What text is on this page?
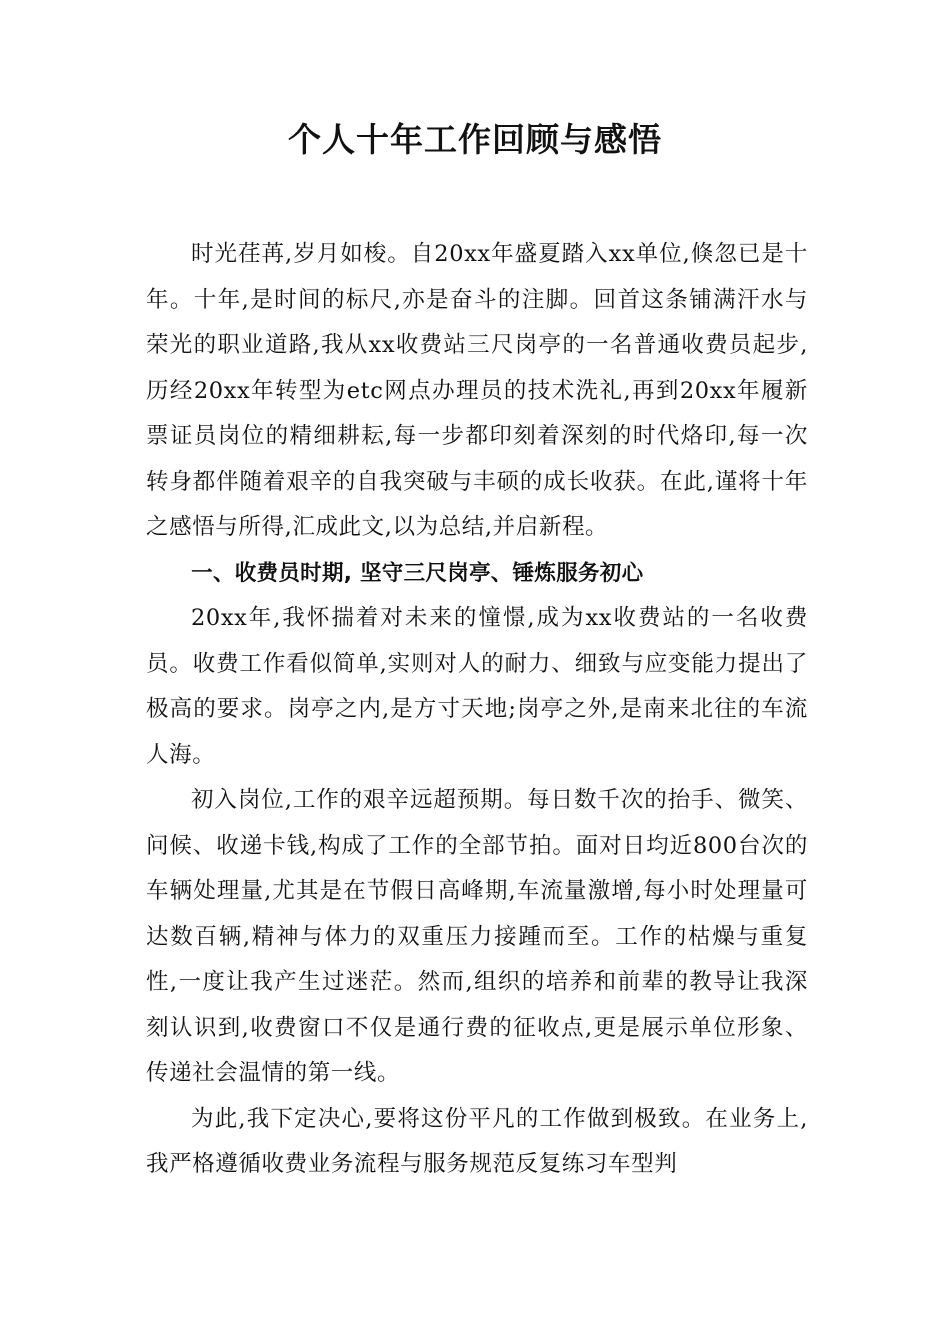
个人十年工作回顾与感悟

时光荏苒,岁月如梭。自20xx年盛夏踏入xx单位,倏忽已是十年。十年,是时间的标尺,亦是奋斗的注脚。回首这条铺满汗水与荣光的职业道路,我从xx收费站三尺岗亭的一名普通收费员起步,历经20xx年转型为etc网点办理员的技术洗礼,再到20xx年履新票证员岗位的精细耕耘,每一步都印刻着深刻的时代烙印,每一次转身都伴随着艰辛的自我突破与丰硕的成长收获。在此,谨将十年之感悟与所得,汇成此文,以为总结,并启新程。

一、收费员时期, 坚守三尺岗亭、锤炼服务初心

20xx年,我怀揣着对未来的憧憬,成为xx收费站的一名收费员。收费工作看似简单,实则对人的耐力、细致与应变能力提出了极高的要求。岗亭之内,是方寸天地;岗亭之外,是南来北往的车流人海。

初入岗位,工作的艰辛远超预期。每日数千次的抬手、微笑、问候、收递卡钱,构成了工作的全部节拍。面对日均近800台次的车辆处理量,尤其是在节假日高峰期,车流量激增,每小时处理量可达数百辆,精神与体力的双重压力接踵而至。工作的枯燥与重复性,一度让我产生过迷茫。然而,组织的培养和前辈的教导让我深刻认识到,收费窗口不仅是通行费的征收点,更是展示单位形象、传递社会温情的第一线。

为此,我下定决心,要将这份平凡的工作做到极致。在业务上,我严格遵循收费业务流程与服务规范反复练习车型判
